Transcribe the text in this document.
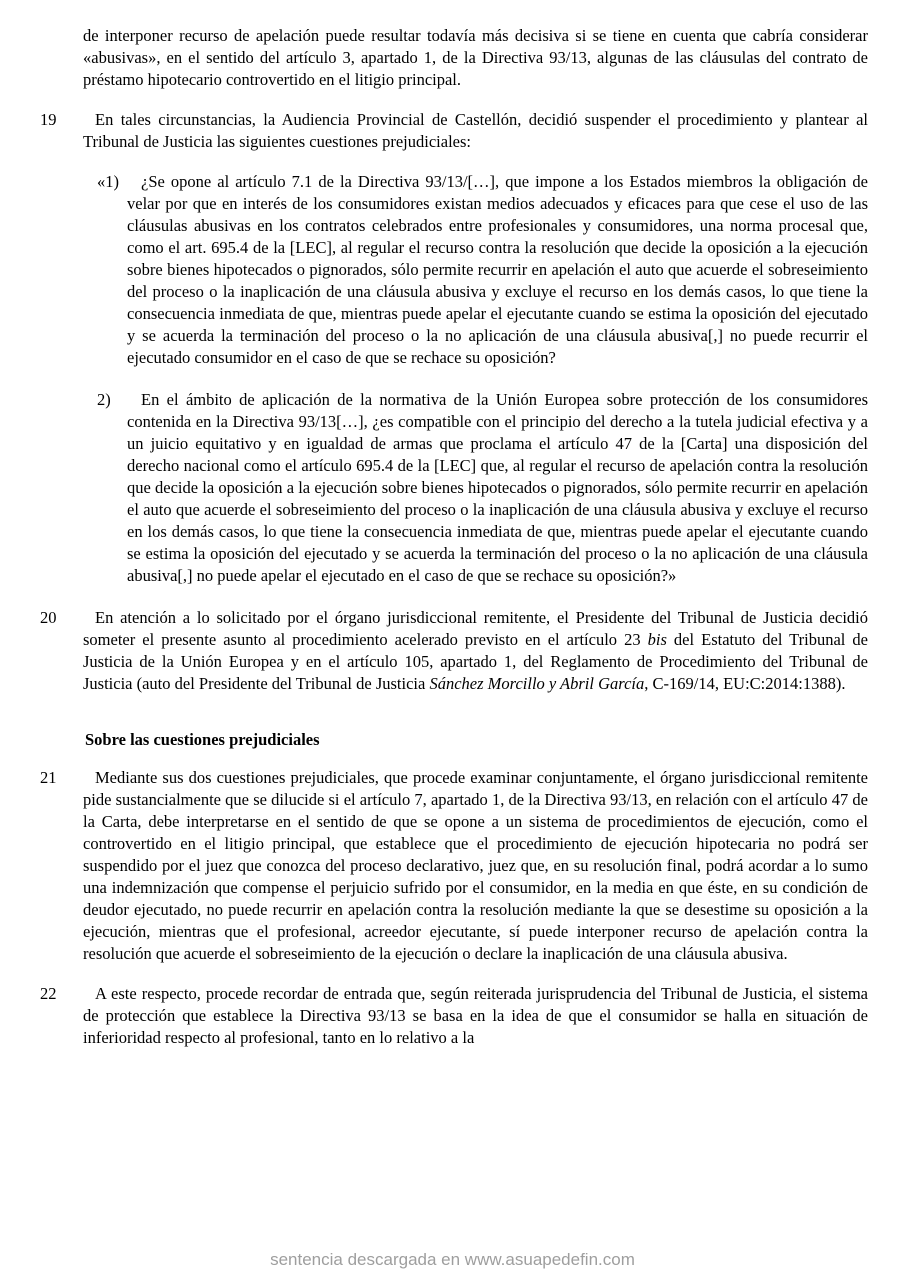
de interponer recurso de apelación puede resultar todavía más decisiva si se tiene en cuenta que cabría considerar «abusivas», en el sentido del artículo 3, apartado 1, de la Directiva 93/13, algunas de las cláusulas del contrato de préstamo hipotecario controvertido en el litigio principal.
19	En tales circunstancias, la Audiencia Provincial de Castellón, decidió suspender el procedimiento y plantear al Tribunal de Justicia las siguientes cuestiones prejudiciales:
«1)	¿Se opone al artículo 7.1 de la Directiva 93/13/[…], que impone a los Estados miembros la obligación de velar por que en interés de los consumidores existan medios adecuados y eficaces para que cese el uso de las cláusulas abusivas en los contratos celebrados entre profesionales y consumidores, una norma procesal que, como el art. 695.4 de la [LEC], al regular el recurso contra la resolución que decide la oposición a la ejecución sobre bienes hipotecados o pignorados, sólo permite recurrir en apelación el auto que acuerde el sobreseimiento del proceso o la inaplicación de una cláusula abusiva y excluye el recurso en los demás casos, lo que tiene la consecuencia inmediata de que, mientras puede apelar el ejecutante cuando se estima la oposición del ejecutado y se acuerda la terminación del proceso o la no aplicación de una cláusula abusiva[,] no puede recurrir el ejecutado consumidor en el caso de que se rechace su oposición?
2)	En el ámbito de aplicación de la normativa de la Unión Europea sobre protección de los consumidores contenida en la Directiva 93/13[…], ¿es compatible con el principio del derecho a la tutela judicial efectiva y a un juicio equitativo y en igualdad de armas que proclama el artículo 47 de la [Carta] una disposición del derecho nacional como el artículo 695.4 de la [LEC] que, al regular el recurso de apelación contra la resolución que decide la oposición a la ejecución sobre bienes hipotecados o pignorados, sólo permite recurrir en apelación el auto que acuerde el sobreseimiento del proceso o la inaplicación de una cláusula abusiva y excluye el recurso en los demás casos, lo que tiene la consecuencia inmediata de que, mientras puede apelar el ejecutante cuando se estima la oposición del ejecutado y se acuerda la terminación del proceso o la no aplicación de una cláusula abusiva[,] no puede apelar el ejecutado en el caso de que se rechace su oposición?»
20	En atención a lo solicitado por el órgano jurisdiccional remitente, el Presidente del Tribunal de Justicia decidió someter el presente asunto al procedimiento acelerado previsto en el artículo 23 bis del Estatuto del Tribunal de Justicia de la Unión Europea y en el artículo 105, apartado 1, del Reglamento de Procedimiento del Tribunal de Justicia (auto del Presidente del Tribunal de Justicia Sánchez Morcillo y Abril García, C-169/14, EU:C:2014:1388).
Sobre las cuestiones prejudiciales
21	Mediante sus dos cuestiones prejudiciales, que procede examinar conjuntamente, el órgano jurisdiccional remitente pide sustancialmente que se dilucide si el artículo 7, apartado 1, de la Directiva 93/13, en relación con el artículo 47 de la Carta, debe interpretarse en el sentido de que se opone a un sistema de procedimientos de ejecución, como el controvertido en el litigio principal, que establece que el procedimiento de ejecución hipotecaria no podrá ser suspendido por el juez que conozca del proceso declarativo, juez que, en su resolución final, podrá acordar a lo sumo una indemnización que compense el perjuicio sufrido por el consumidor, en la media en que éste, en su condición de deudor ejecutado, no puede recurrir en apelación contra la resolución mediante la que se desestime su oposición a la ejecución, mientras que el profesional, acreedor ejecutante, sí puede interponer recurso de apelación contra la resolución que acuerde el sobreseimiento de la ejecución o declare la inaplicación de una cláusula abusiva.
22	A este respecto, procede recordar de entrada que, según reiterada jurisprudencia del Tribunal de Justicia, el sistema de protección que establece la Directiva 93/13 se basa en la idea de que el consumidor se halla en situación de inferioridad respecto al profesional, tanto en lo relativo a la
sentencia descargada en www.asuapedefin.com
